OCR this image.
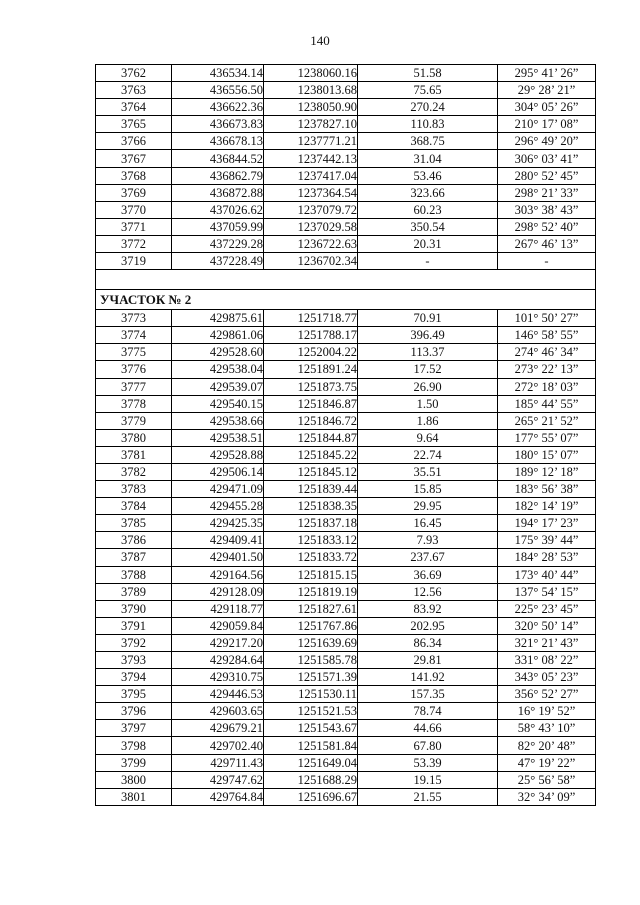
140
3762	436534.14	1238060.16	51.58	295° 41’ 26”
3763	436556.50	1238013.68	75.65	29° 28’ 21”
3764	436622.36	1238050.90	270.24	304° 05’ 26”
3765	436673.83	1237827.10	110.83	210° 17’ 08”
3766	436678.13	1237771.21	368.75	296° 49’ 20”
3767	436844.52	1237442.13	31.04	306° 03’ 41”
3768	436862.79	1237417.04	53.46	280° 52’ 45”
3769	436872.88	1237364.54	323.66	298° 21’ 33”
3770	437026.62	1237079.72	60.23	303° 38’ 43”
3771	437059.99	1237029.58	350.54	298° 52’ 40”
3772	437229.28	1236722.63	20.31	267° 46’ 13”
3719	437228.49	1236702.34	-	-

УЧАСТОК № 2				
3773	429875.61	1251718.77	70.91	101° 50’ 27”
3774	429861.06	1251788.17	396.49	146° 58’ 55”
3775	429528.60	1252004.22	113.37	274° 46’ 34”
3776	429538.04	1251891.24	17.52	273° 22’ 13”
3777	429539.07	1251873.75	26.90	272° 18’ 03”
3778	429540.15	1251846.87	1.50	185° 44’ 55”
3779	429538.66	1251846.72	1.86	265° 21’ 52”
3780	429538.51	1251844.87	9.64	177° 55’ 07”
3781	429528.88	1251845.22	22.74	180° 15’ 07”
3782	429506.14	1251845.12	35.51	189° 12’ 18”
3783	429471.09	1251839.44	15.85	183° 56’ 38”
3784	429455.28	1251838.35	29.95	182° 14’ 19”
3785	429425.35	1251837.18	16.45	194° 17’ 23”
3786	429409.41	1251833.12	7.93	175° 39’ 44”
3787	429401.50	1251833.72	237.67	184° 28’ 53”
3788	429164.56	1251815.15	36.69	173° 40’ 44”
3789	429128.09	1251819.19	12.56	137° 54’ 15”
3790	429118.77	1251827.61	83.92	225° 23’ 45”
3791	429059.84	1251767.86	202.95	320° 50’ 14”
3792	429217.20	1251639.69	86.34	321° 21’ 43”
3793	429284.64	1251585.78	29.81	331° 08’ 22”
3794	429310.75	1251571.39	141.92	343° 05’ 23”
3795	429446.53	1251530.11	157.35	356° 52’ 27”
3796	429603.65	1251521.53	78.74	16° 19’ 52”
3797	429679.21	1251543.67	44.66	58° 43’ 10”
3798	429702.40	1251581.84	67.80	82° 20’ 48”
3799	429711.43	1251649.04	53.39	47° 19’ 22”
3800	429747.62	1251688.29	19.15	25° 56’ 58”
3801	429764.84	1251696.67	21.55	32° 34’ 09”
